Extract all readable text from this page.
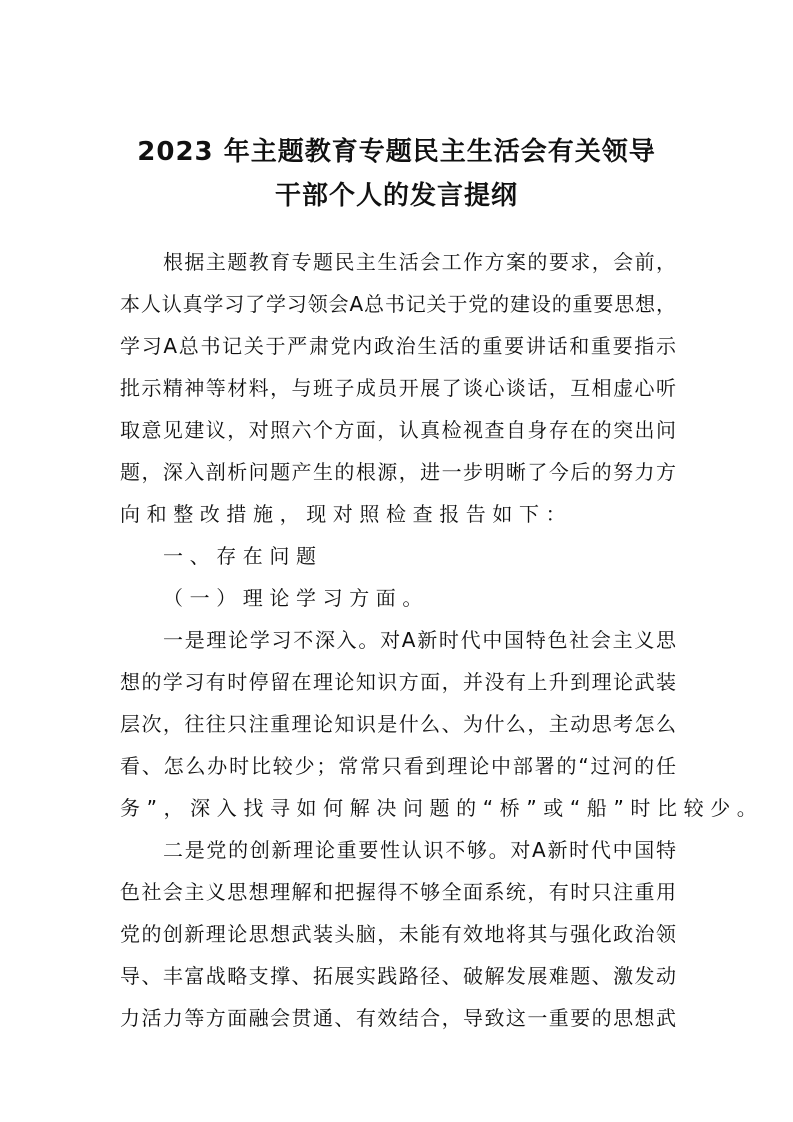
2023 年主题教育专题民主生活会有关领导
干部个人的发言提纲
根据主题教育专题民主生活会工作方案的要求，会前，
本人认真学习了学习领会A总书记关于党的建设的重要思想，
学习A总书记关于严肃党内政治生活的重要讲话和重要指示
批示精神等材料，与班子成员开展了谈心谈话，互相虚心听
取意见建议，对照六个方面，认真检视查自身存在的突出问
题，深入剖析问题产生的根源，进一步明晰了今后的努力方
向和整改措施，现对照检查报告如下：
一、存在问题
（一）理论学习方面。
一是理论学习不深入。对A新时代中国特色社会主义思
想的学习有时停留在理论知识方面，并没有上升到理论武装
层次，往往只注重理论知识是什么、为什么，主动思考怎么
看、怎么办时比较少；常常只看到理论中部署的“过河的任
务”，深入找寻如何解决问题的“桥”或“船”时比较少。
二是党的创新理论重要性认识不够。对A新时代中国特
色社会主义思想理解和把握得不够全面系统，有时只注重用
党的创新理论思想武装头脑，未能有效地将其与强化政治领
导、丰富战略支撑、拓展实践路径、破解发展难题、激发动
力活力等方面融会贯通、有效结合，导致这一重要的思想武
